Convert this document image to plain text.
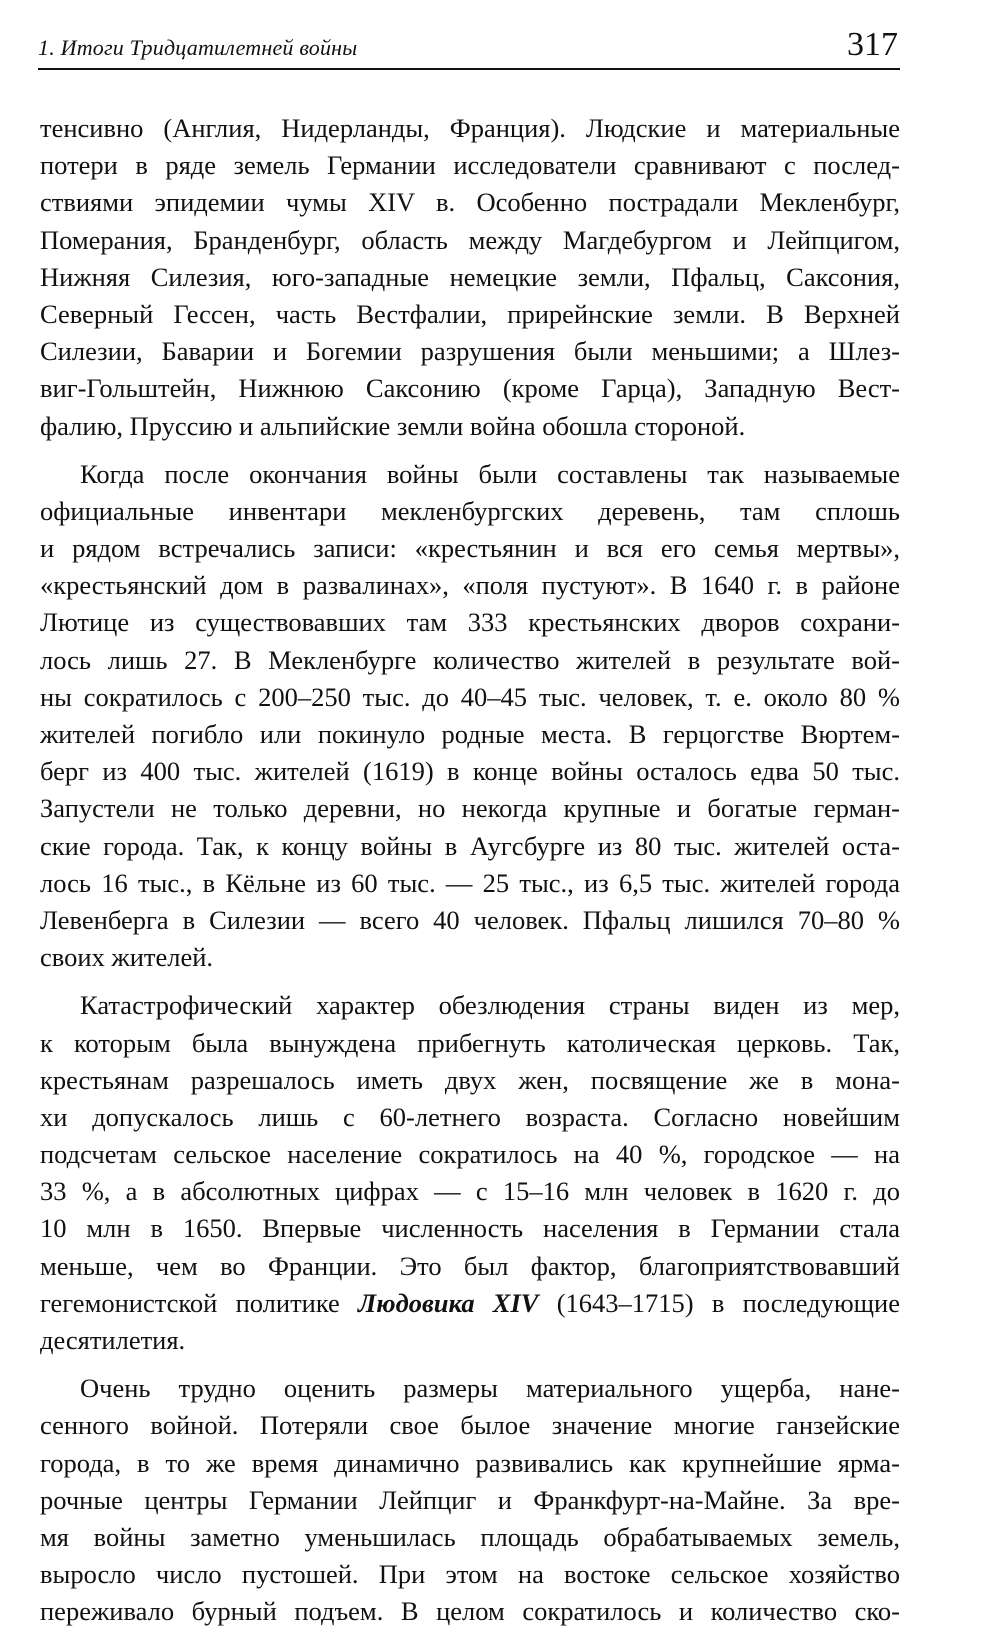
1. Итоги Тридцатилетней войны	317
тенсивно (Англия, Нидерланды, Франция). Людские и материальные
потери в ряде земель Германии исследователи сравнивают с послед-
ствиями эпидемии чумы XIV в. Особенно пострадали Мекленбург,
Померания, Бранденбург, область между Магдебургом и Лейпцигом,
Нижняя Силезия, юго-западные немецкие земли, Пфальц, Саксония,
Северный Гессен, часть Вестфалии, прирейнские земли. В Верхней
Силезии, Баварии и Богемии разрушения были меньшими; а Шлез-
виг-Гольштейн, Нижнюю Саксонию (кроме Гарца), Западную Вест-
фалию, Пруссию и альпийские земли война обошла стороной.
Когда после окончания войны были составлены так называемые
официальные инвентари мекленбургских деревень, там сплошь
и рядом встречались записи: «крестьянин и вся его семья мертвы»,
«крестьянский дом в развалинах», «поля пустуют». В 1640 г. в районе
Лютице из существовавших там 333 крестьянских дворов сохрани-
лось лишь 27. В Мекленбурге количество жителей в результате вой-
ны сократилось с 200–250 тыс. до 40–45 тыс. человек, т. е. около 80 %
жителей погибло или покинуло родные места. В герцогстве Вюртем-
берг из 400 тыс. жителей (1619) в конце войны осталось едва 50 тыс.
Запустели не только деревни, но некогда крупные и богатые герман-
ские города. Так, к концу войны в Аугсбурге из 80 тыс. жителей оста-
лось 16 тыс., в Кёльне из 60 тыс. — 25 тыс., из 6,5 тыс. жителей города
Левенберга в Силезии — всего 40 человек. Пфальц лишился 70–80 %
своих жителей.
Катастрофический характер обезлюдения страны виден из мер,
к которым была вынуждена прибегнуть католическая церковь. Так,
крестьянам разрешалось иметь двух жен, посвящение же в мона-
хи допускалось лишь с 60-летнего возраста. Согласно новейшим
подсчетам сельское население сократилось на 40 %, городское — на
33 %, а в абсолютных цифрах — с 15–16 млн человек в 1620 г. до
10 млн в 1650. Впервые численность населения в Германии стала
меньше, чем во Франции. Это был фактор, благоприятствовавший
гегемонистской политике Людовика XIV (1643–1715) в последующие
десятилетия.
Очень трудно оценить размеры материального ущерба, нане-
сенного войной. Потеряли свое былое значение многие ганзейские
города, в то же время динамично развивались как крупнейшие ярма-
рочные центры Германии Лейпциг и Франкфурт-на-Майне. За вре-
мя войны заметно уменьшилась площадь обрабатываемых земель,
выросло число пустошей. При этом на востоке сельское хозяйство
переживало бурный подъем. В целом сократилось и количество ско-
